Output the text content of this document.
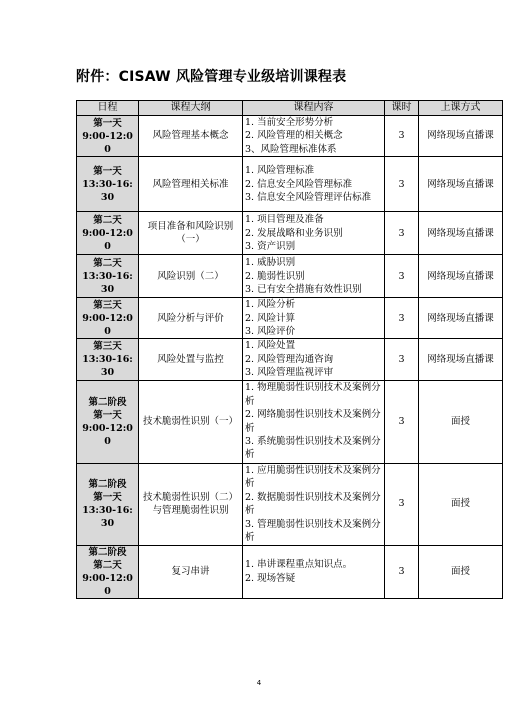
附件：CISAW 风险管理专业级培训课程表
日程	课程大纲	课程内容	课时	上课方式

第一天
9:00-12:00	风险管理基本概念	1. 当前安全形势分析
2. 风险管理的相关概念
3、风险管理标准体系	3	网络现场直播课

第一天
13:30-16:30	风险管理相关标准	1. 风险管理标准
2. 信息安全风险管理标准
3. 信息安全风险管理评估标准	3	网络现场直播课

第二天
9:00-12:00	项目准备和风险识别（一）	1. 项目管理及准备
2. 发展战略和业务识别
3. 资产识别	3	网络现场直播课

第二天
13:30-16:30	风险识别（二）	1. 威胁识别
2. 脆弱性识别
3. 已有安全措施有效性识别	3	网络现场直播课

第三天
9:00-12:00	风险分析与评价	1. 风险分析
2. 风险计算
3. 风险评价	3	网络现场直播课

第三天
13:30-16:30	风险处置与监控	1. 风险处置
2. 风险管理沟通咨询
3. 风险管理监视评审	3	网络现场直播课

第二阶段
第一天
9:00-12:00	技术脆弱性识别（一）	1. 物理脆弱性识别技术及案例分析
2. 网络脆弱性识别技术及案例分析
3. 系统脆弱性识别技术及案例分析	3	面授

第二阶段
第一天
13:30-16:30	技术脆弱性识别（二）与管理脆弱性识别	1. 应用脆弱性识别技术及案例分析
2. 数据脆弱性识别技术及案例分析
3. 管理脆弱性识别技术及案例分析	3	面授

第二阶段
第二天
9:00-12:00	复习串讲	1. 串讲课程重点知识点。
2. 现场答疑	3	面授
4
